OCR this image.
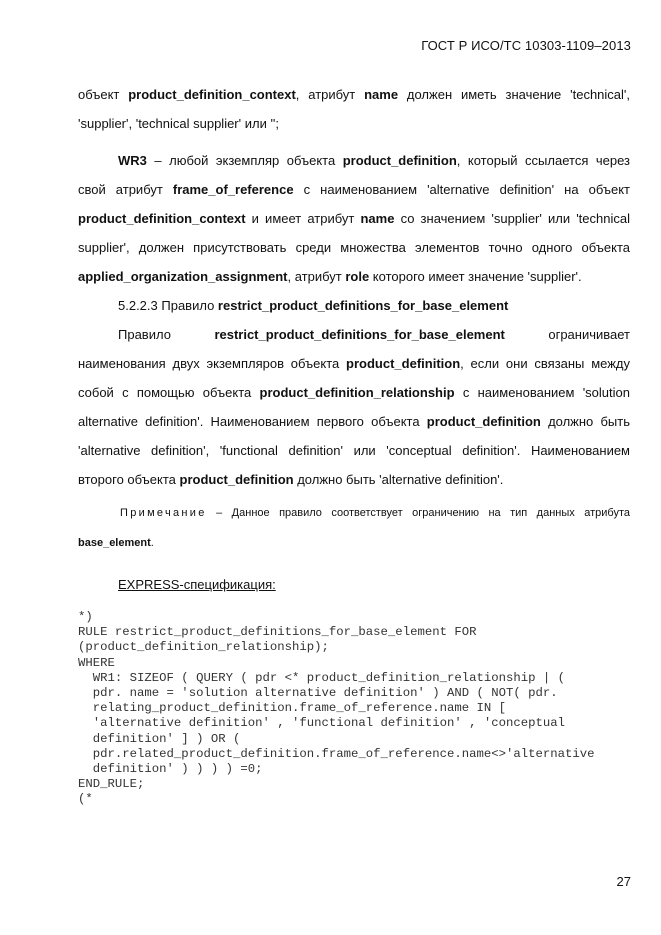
ГОСТ Р ИСО/ТС 10303-1109–2013

объект product_definition_context, атрибут name должен иметь значение 'technical', 'supplier', 'technical supplier' или '';

WR3 – любой экземпляр объекта product_definition, который ссылается через свой атрибут frame_of_reference с наименованием 'alternative definition' на объект product_definition_context и имеет атрибут name со значением 'supplier' или 'technical supplier', должен присутствовать среди множества элементов точно одного объекта applied_organization_assignment, атрибут role которого имеет значение 'supplier'.

5.2.2.3 Правило restrict_product_definitions_for_base_element

Правило restrict_product_definitions_for_base_element ограничивает наименования двух экземпляров объекта product_definition, если они связаны между собой с помощью объекта product_definition_relationship с наименованием 'solution alternative definition'. Наименованием первого объекта product_definition должно быть 'alternative definition', 'functional definition' или 'conceptual definition'. Наименованием второго объекта product_definition должно быть 'alternative definition'.

Примечание – Данное правило соответствует ограничению на тип данных атрибута base_element.

EXPRESS-спецификация:

*)
RULE restrict_product_definitions_for_base_element FOR
(product_definition_relationship);
WHERE
WR1: SIZEOF ( QUERY ( pdr <* product_definition_relationship | (
pdr. name = 'solution alternative definition' ) AND ( NOT( pdr.
relating_product_definition.frame_of_reference.name IN [
'alternative definition' , 'functional definition' , 'conceptual
definition' ] ) OR (
pdr.related_product_definition.frame_of_reference.name<>'alternative
definition' ) ) ) ) =0;
END_RULE;
(*
27
